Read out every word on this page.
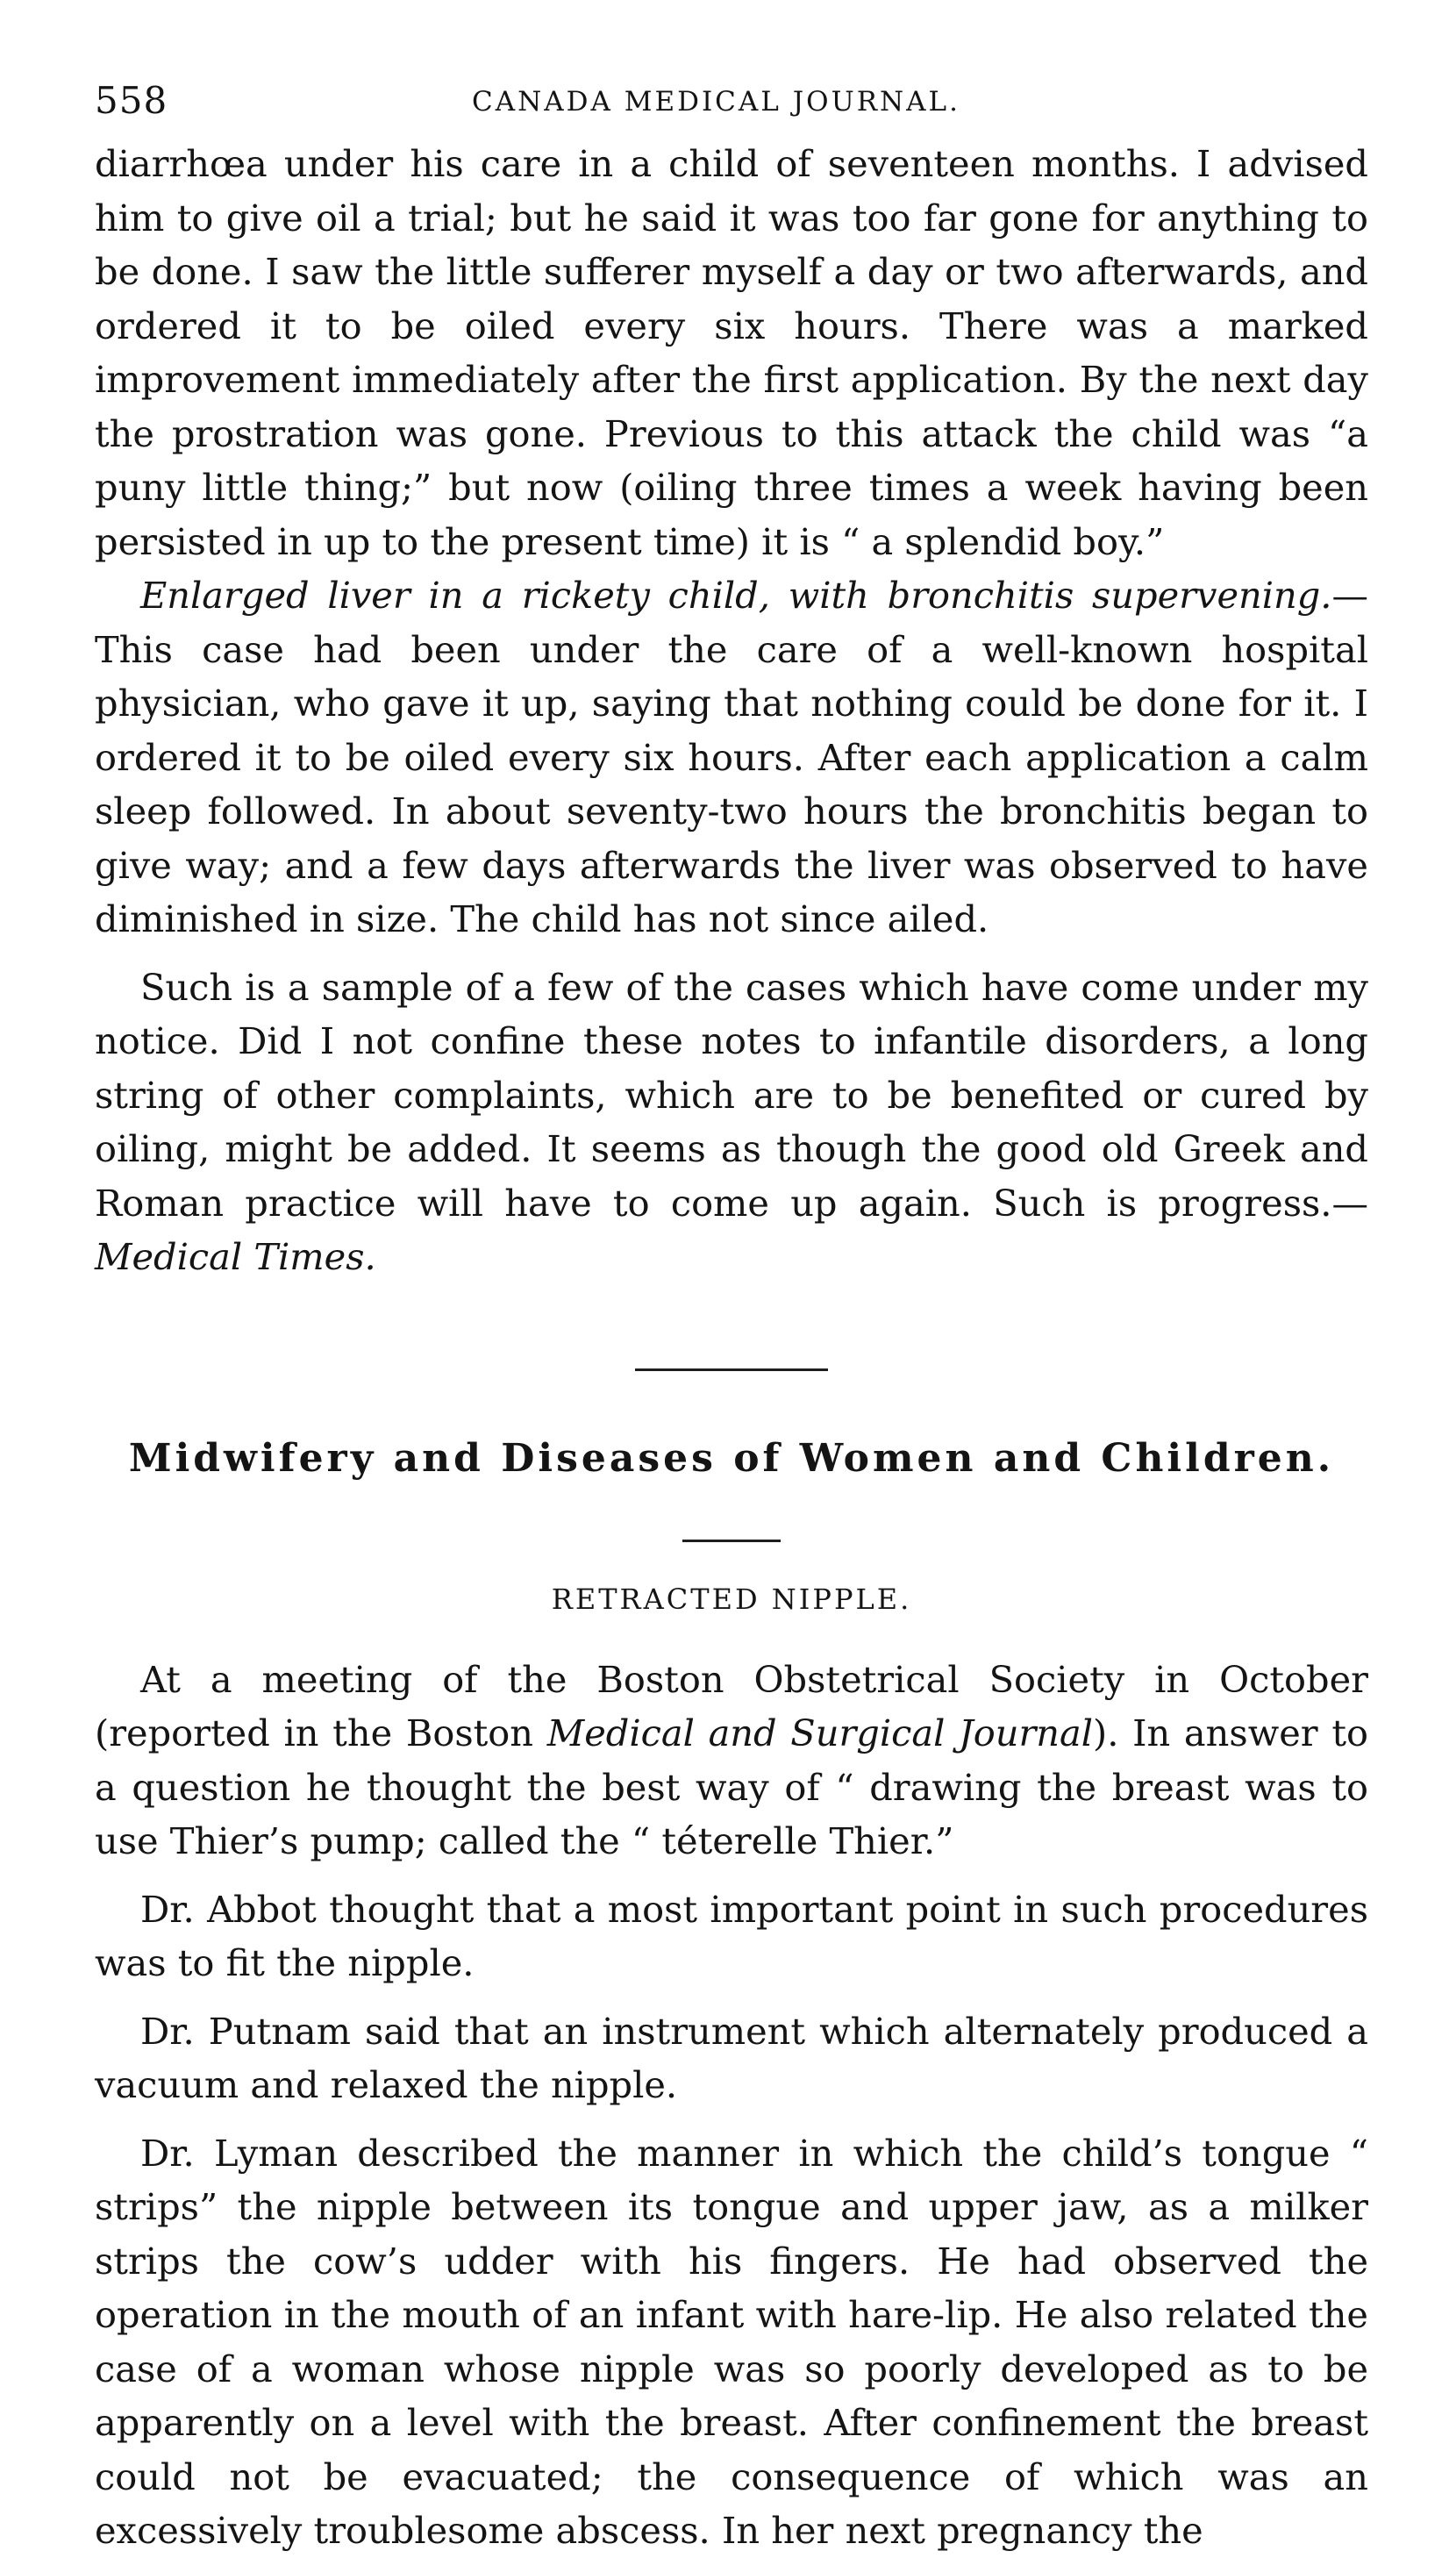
558	CANADA MEDICAL JOURNAL.

diarrhœa under his care in a child of seventeen months. I advised him to give oil a trial; but he said it was too far gone for anything to be done. I saw the little sufferer myself a day or two afterwards, and ordered it to be oiled every six hours. There was a marked improvement immediately after the first application. By the next day the prostration was gone. Previous to this attack the child was “a puny little thing;” but now (oiling three times a week having been persisted in up to the present time) it is “ a splendid boy.”

Enlarged liver in a rickety child, with bronchitis supervening.—This case had been under the care of a well-known hospital physician, who gave it up, saying that nothing could be done for it. I ordered it to be oiled every six hours. After each application a calm sleep followed. In about seventy-two hours the bronchitis began to give way; and a few days afterwards the liver was observed to have diminished in size. The child has not since ailed.

Such is a sample of a few of the cases which have come under my notice. Did I not confine these notes to infantile disorders, a long string of other complaints, which are to be benefited or cured by oiling, might be added. It seems as though the good old Greek and Roman practice will have to come up again. Such is progress.—Medical Times.

Midwifery and Diseases of Women and Children.
RETRACTED NIPPLE.

At a meeting of the Boston Obstetrical Society in October (reported in the Boston Medical and Surgical Journal). In answer to a question he thought the best way of “ drawing the breast was to use Thier’s pump; called the “ téterelle Thier.”

Dr. Abbot thought that a most important point in such procedures was to fit the nipple.

Dr. Putnam said that an instrument which alternately produced a vacuum and relaxed the nipple.

Dr. Lyman described the manner in which the child’s tongue “ strips” the nipple between its tongue and upper jaw, as a milker strips the cow’s udder with his fingers. He had observed the operation in the mouth of an infant with hare-lip. He also related the case of a woman whose nipple was so poorly developed as to be apparently on a level with the breast. After confinement the breast could not be evacuated; the consequence of which was an excessively troublesome abscess. In her next pregnancy the
